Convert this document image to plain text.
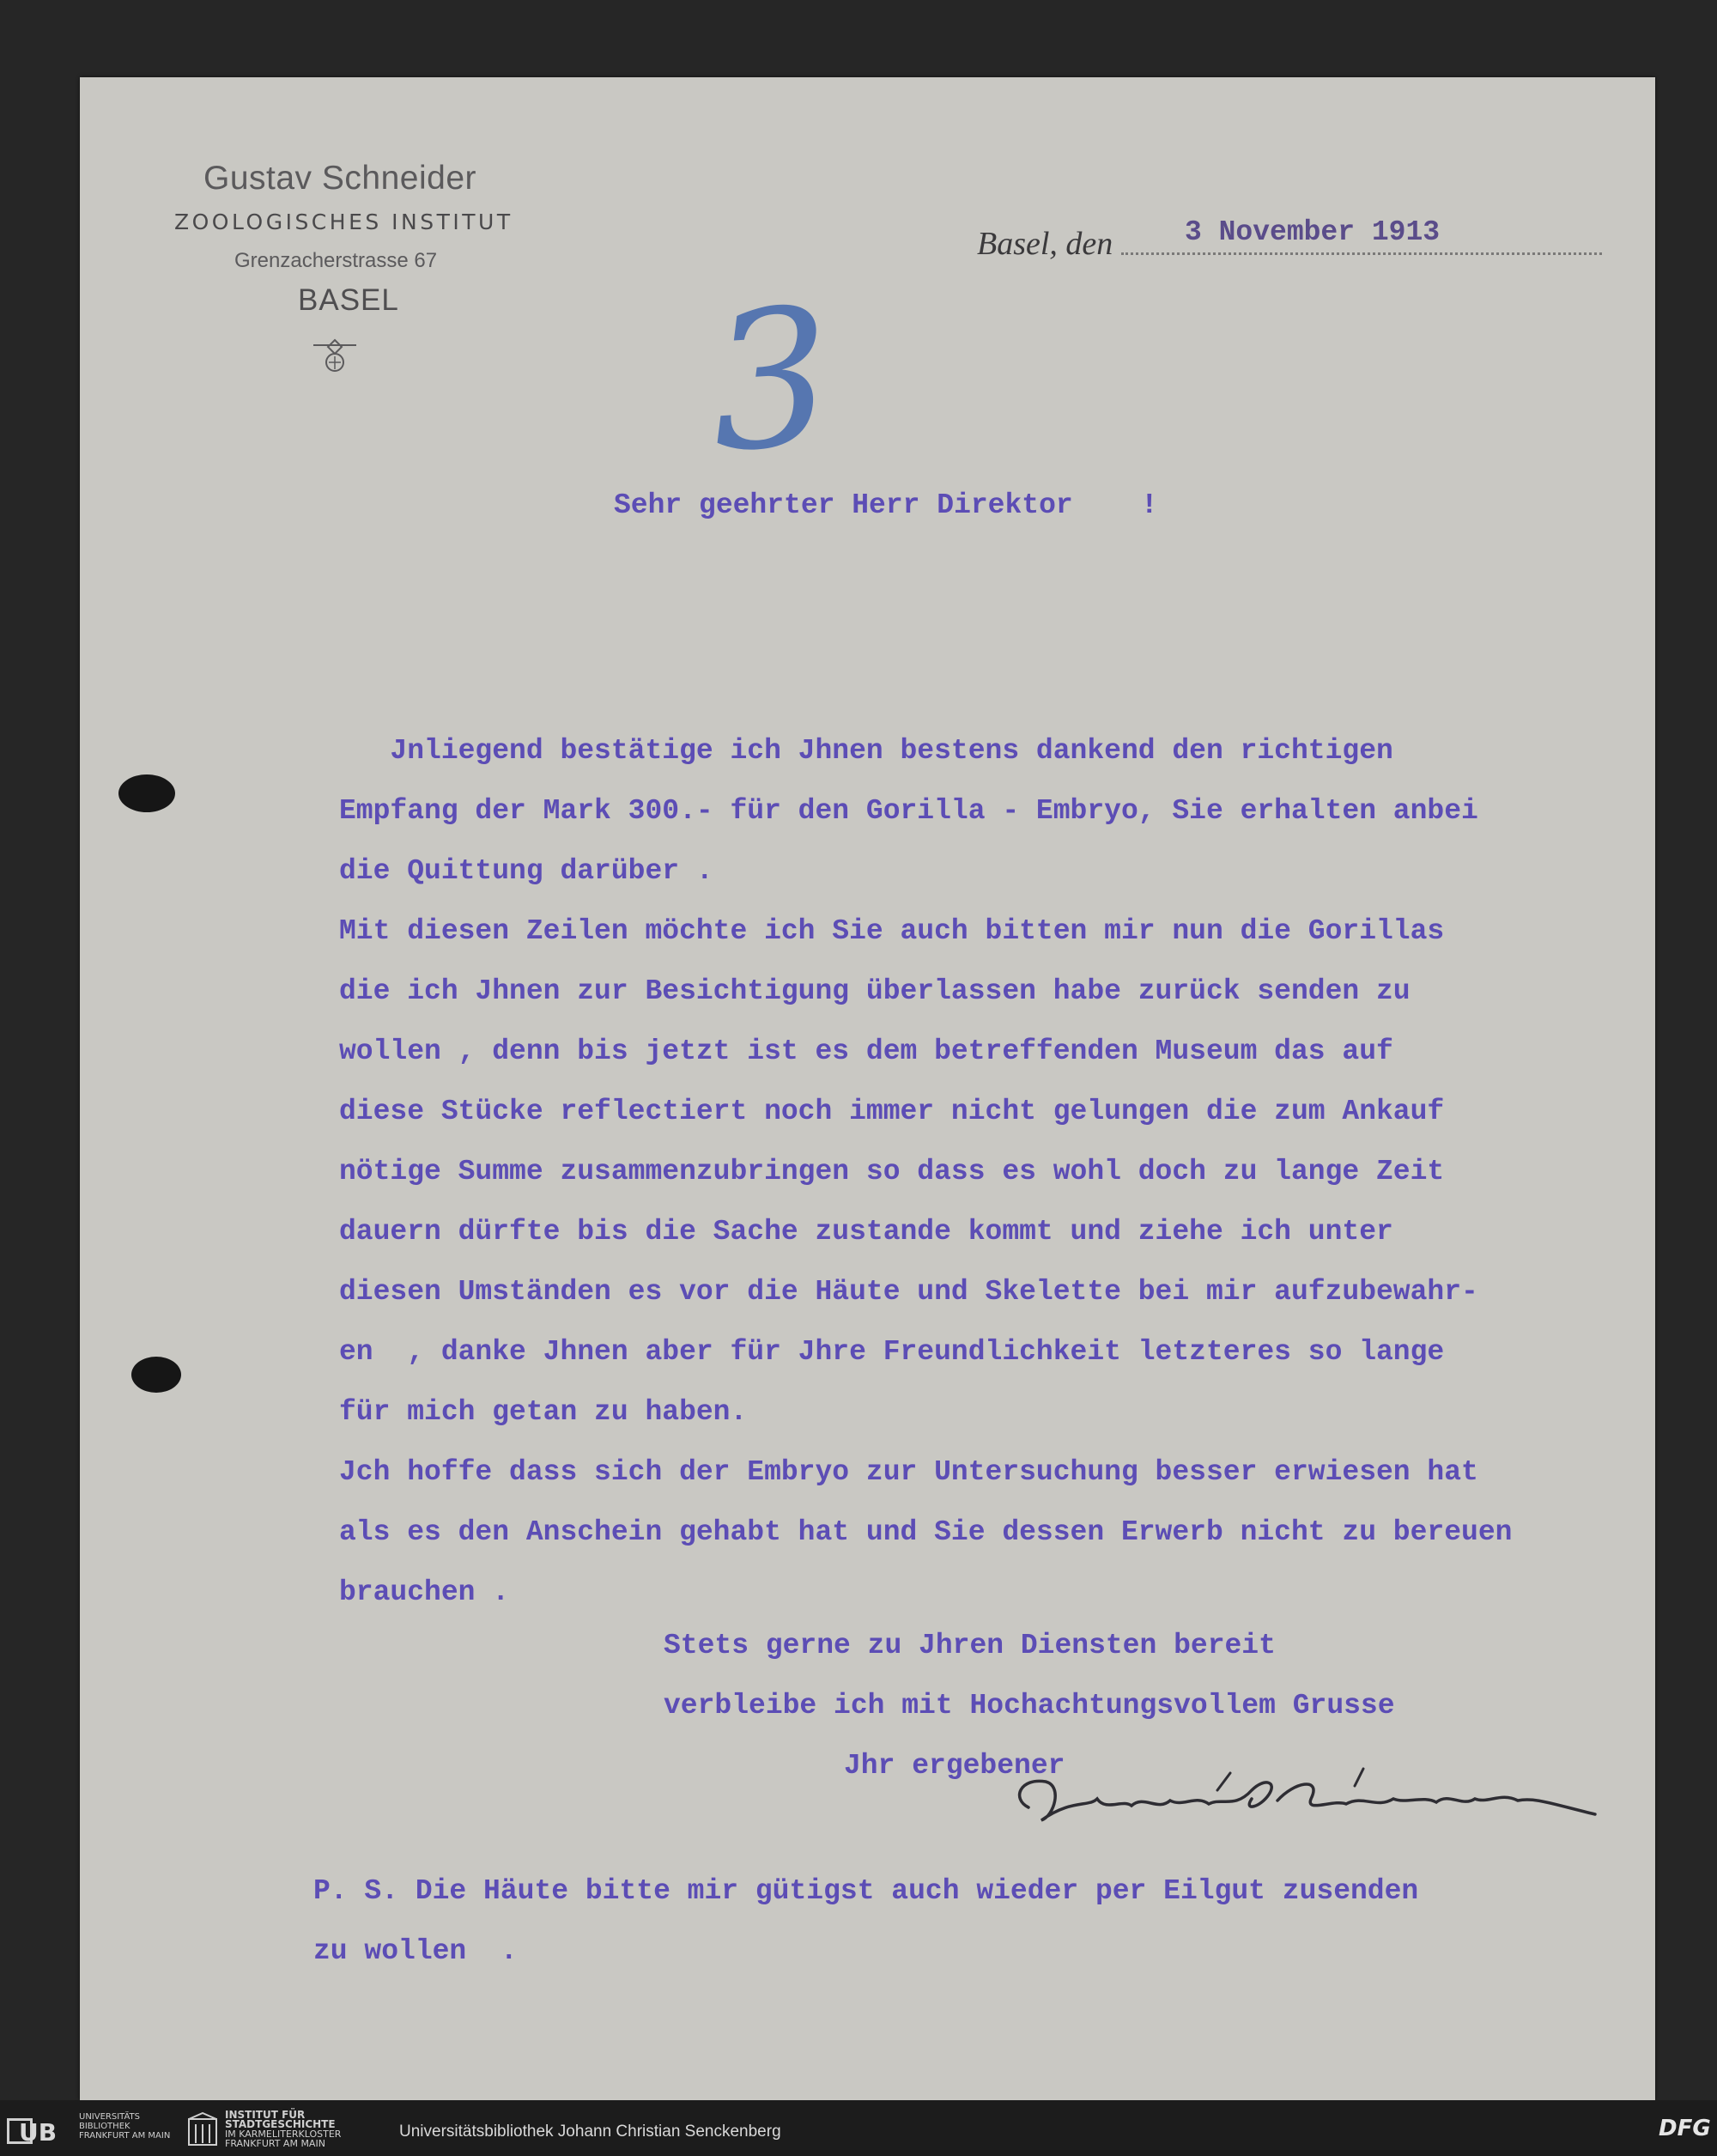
Gustav Schneider
ZOOLOGISCHES INSTITUT
Grenzacherstrasse 67
BASEL
Basel, den	3 November 1913
3
Sehr geehrter Herr Direktor    !
Jnliegend bestätige ich Jhnen bestens dankend den richtigen
Empfang der Mark 300.- für den Gorilla - Embryo, Sie erhalten anbei
die Quittung darüber .
Mit diesen Zeilen möchte ich Sie auch bitten mir nun die Gorillas
die ich Jhnen zur Besichtigung überlassen habe zurück senden zu
wollen , denn bis jetzt ist es dem betreffenden Museum das auf
diese Stücke reflectiert noch immer nicht gelungen die zum Ankauf
nötige Summe zusammenzubringen so dass es wohl doch zu lange Zeit
dauern dürfte bis die Sache zustande kommt und ziehe ich unter
diesen Umständen es vor die Häute und Skelette bei mir aufzubewahr-
en  , danke Jhnen aber für Jhre Freundlichkeit letzteres so lange
für mich getan zu haben.
Jch hoffe dass sich der Embryo zur Untersuchung besser erwiesen hat
als es den Anschein gehabt hat und Sie dessen Erwerb nicht zu bereuen
brauchen .
Stets gerne zu Jhren Diensten bereit
verbleibe ich mit Hochachtungsvollem Grusse
Jhr ergebener
P. S. Die Häute bitte mir gütigst auch wieder per Eilgut zusenden
zu wollen  .
UB
UNIVERSITÄTS
BIBLIOTHEK
FRANKFURT AM MAIN
INSTITUT FÜR
STADTGESCHICHTE
IM KARMELITERKLOSTER
FRANKFURT AM MAIN
Universitätsbibliothek Johann Christian Senckenberg	DFG
